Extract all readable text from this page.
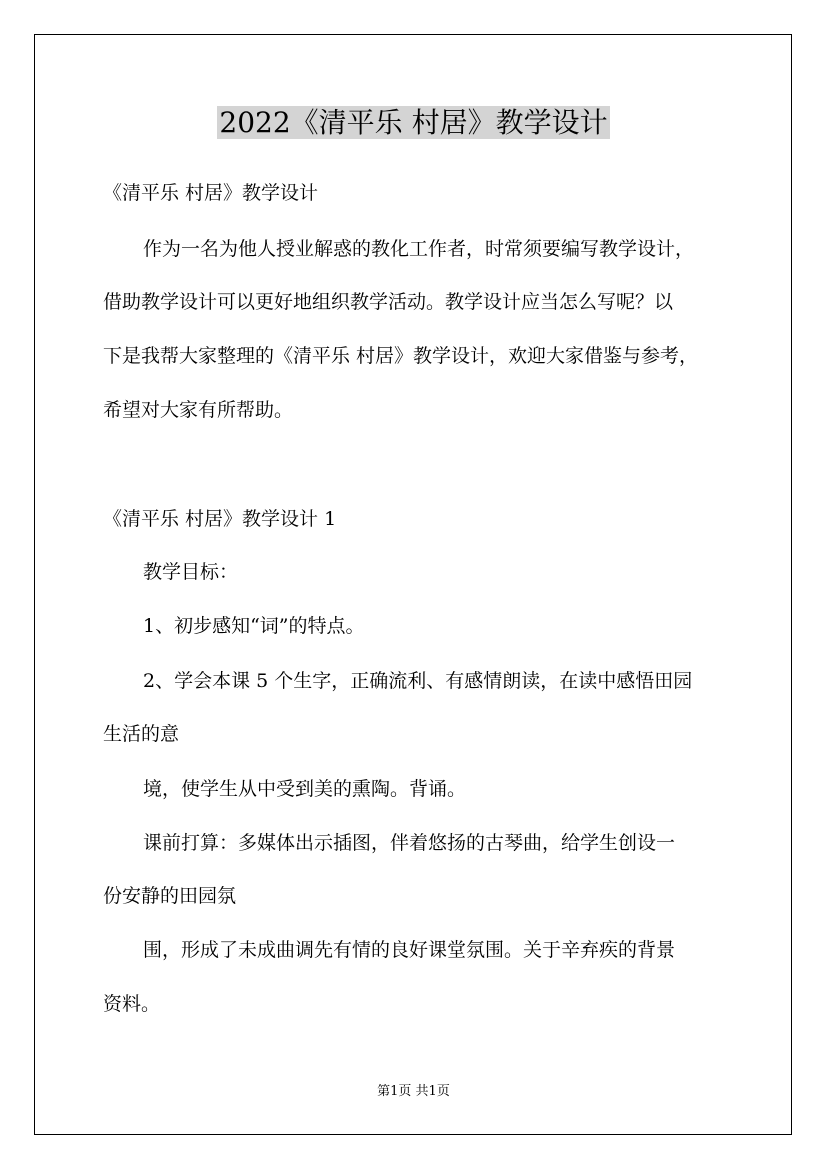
2022《清平乐 村居》教学设计
《清平乐 村居》教学设计
作为一名为他人授业解惑的教化工作者，时常须要编写教学设计，
借助教学设计可以更好地组织教学活动。教学设计应当怎么写呢？以
下是我帮大家整理的《清平乐 村居》教学设计，欢迎大家借鉴与参考，
希望对大家有所帮助。
《清平乐 村居》教学设计 1
教学目标：
1、初步感知“词”的特点。
2、学会本课 5 个生字，正确流利、有感情朗读，在读中感悟田园
生活的意
境，使学生从中受到美的熏陶。背诵。
课前打算：多媒体出示插图，伴着悠扬的古琴曲，给学生创设一
份安静的田园氛
围，形成了未成曲调先有情的良好课堂氛围。关于辛弃疾的背景
资料。
第1页 共1页
